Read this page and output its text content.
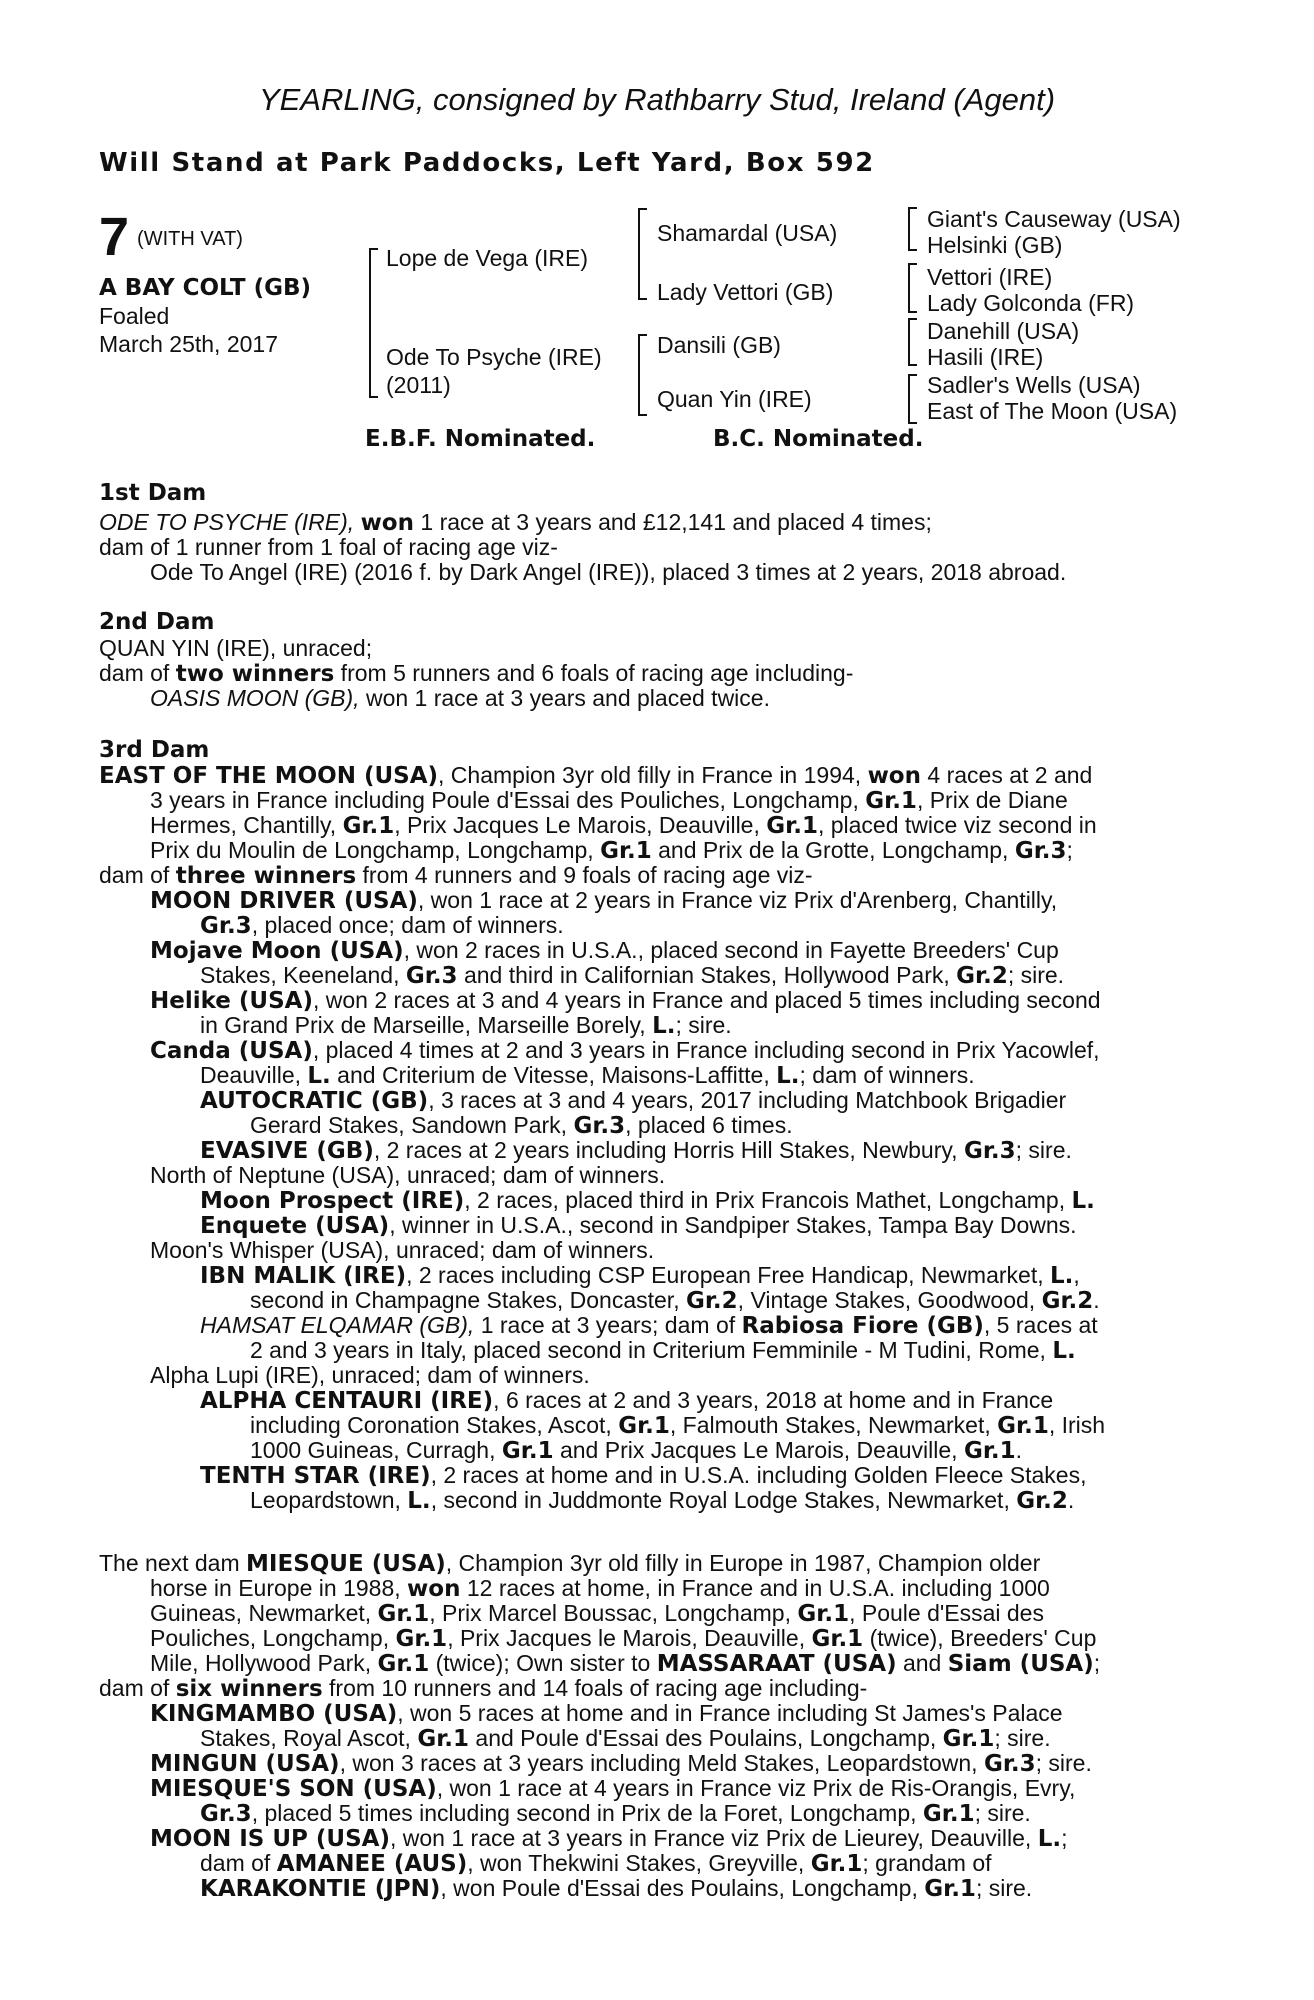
YEARLING, consigned by Rathbarry Stud, Ireland (Agent)
Will Stand at Park Paddocks, Left Yard, Box 592
7 (WITH VAT)
A BAY COLT (GB)
Foaled
March 25th, 2017
Lope de Vega (IRE)
Ode To Psyche (IRE)
(2011)
Shamardal (USA)
Lady Vettori (GB)
Dansili (GB)
Quan Yin (IRE)
Giant's Causeway (USA)
Helsinki (GB)
Vettori (IRE)
Lady Golconda (FR)
Danehill (USA)
Hasili (IRE)
Sadler's Wells (USA)
East of The Moon (USA)
E.B.F. Nominated.	B.C. Nominated.
1st Dam
ODE TO PSYCHE (IRE), won 1 race at 3 years and £12,141 and placed 4 times;
dam of 1 runner from 1 foal of racing age viz-
Ode To Angel (IRE) (2016 f. by Dark Angel (IRE)), placed 3 times at 2 years, 2018 abroad.
2nd Dam
QUAN YIN (IRE), unraced;
dam of two winners from 5 runners and 6 foals of racing age including-
OASIS MOON (GB), won 1 race at 3 years and placed twice.
3rd Dam
EAST OF THE MOON (USA), Champion 3yr old filly in France in 1994, won 4 races at 2 and
3 years in France including Poule d'Essai des Pouliches, Longchamp, Gr.1, Prix de Diane
Hermes, Chantilly, Gr.1, Prix Jacques Le Marois, Deauville, Gr.1, placed twice viz second in
Prix du Moulin de Longchamp, Longchamp, Gr.1 and Prix de la Grotte, Longchamp, Gr.3;
dam of three winners from 4 runners and 9 foals of racing age viz-
MOON DRIVER (USA), won 1 race at 2 years in France viz Prix d'Arenberg, Chantilly,
Gr.3, placed once; dam of winners.
Mojave Moon (USA), won 2 races in U.S.A., placed second in Fayette Breeders' Cup
Stakes, Keeneland, Gr.3 and third in Californian Stakes, Hollywood Park, Gr.2; sire.
Helike (USA), won 2 races at 3 and 4 years in France and placed 5 times including second
in Grand Prix de Marseille, Marseille Borely, L.; sire.
Canda (USA), placed 4 times at 2 and 3 years in France including second in Prix Yacowlef,
Deauville, L. and Criterium de Vitesse, Maisons-Laffitte, L.; dam of winners.
AUTOCRATIC (GB), 3 races at 3 and 4 years, 2017 including Matchbook Brigadier
Gerard Stakes, Sandown Park, Gr.3, placed 6 times.
EVASIVE (GB), 2 races at 2 years including Horris Hill Stakes, Newbury, Gr.3; sire.
North of Neptune (USA), unraced; dam of winners.
Moon Prospect (IRE), 2 races, placed third in Prix Francois Mathet, Longchamp, L.
Enquete (USA), winner in U.S.A., second in Sandpiper Stakes, Tampa Bay Downs.
Moon's Whisper (USA), unraced; dam of winners.
IBN MALIK (IRE), 2 races including CSP European Free Handicap, Newmarket, L.,
second in Champagne Stakes, Doncaster, Gr.2, Vintage Stakes, Goodwood, Gr.2.
HAMSAT ELQAMAR (GB), 1 race at 3 years; dam of Rabiosa Fiore (GB), 5 races at
2 and 3 years in Italy, placed second in Criterium Femminile - M Tudini, Rome, L.
Alpha Lupi (IRE), unraced; dam of winners.
ALPHA CENTAURI (IRE), 6 races at 2 and 3 years, 2018 at home and in France
including Coronation Stakes, Ascot, Gr.1, Falmouth Stakes, Newmarket, Gr.1, Irish
1000 Guineas, Curragh, Gr.1 and Prix Jacques Le Marois, Deauville, Gr.1.
TENTH STAR (IRE), 2 races at home and in U.S.A. including Golden Fleece Stakes,
Leopardstown, L., second in Juddmonte Royal Lodge Stakes, Newmarket, Gr.2.
The next dam MIESQUE (USA), Champion 3yr old filly in Europe in 1987, Champion older
horse in Europe in 1988, won 12 races at home, in France and in U.S.A. including 1000
Guineas, Newmarket, Gr.1, Prix Marcel Boussac, Longchamp, Gr.1, Poule d'Essai des
Pouliches, Longchamp, Gr.1, Prix Jacques le Marois, Deauville, Gr.1 (twice), Breeders' Cup
Mile, Hollywood Park, Gr.1 (twice); Own sister to MASSARAAT (USA) and Siam (USA);
dam of six winners from 10 runners and 14 foals of racing age including-
KINGMAMBO (USA), won 5 races at home and in France including St James's Palace
Stakes, Royal Ascot, Gr.1 and Poule d'Essai des Poulains, Longchamp, Gr.1; sire.
MINGUN (USA), won 3 races at 3 years including Meld Stakes, Leopardstown, Gr.3; sire.
MIESQUE'S SON (USA), won 1 race at 4 years in France viz Prix de Ris-Orangis, Evry,
Gr.3, placed 5 times including second in Prix de la Foret, Longchamp, Gr.1; sire.
MOON IS UP (USA), won 1 race at 3 years in France viz Prix de Lieurey, Deauville, L.;
dam of AMANEE (AUS), won Thekwini Stakes, Greyville, Gr.1; grandam of
KARAKONTIE (JPN), won Poule d'Essai des Poulains, Longchamp, Gr.1; sire.
